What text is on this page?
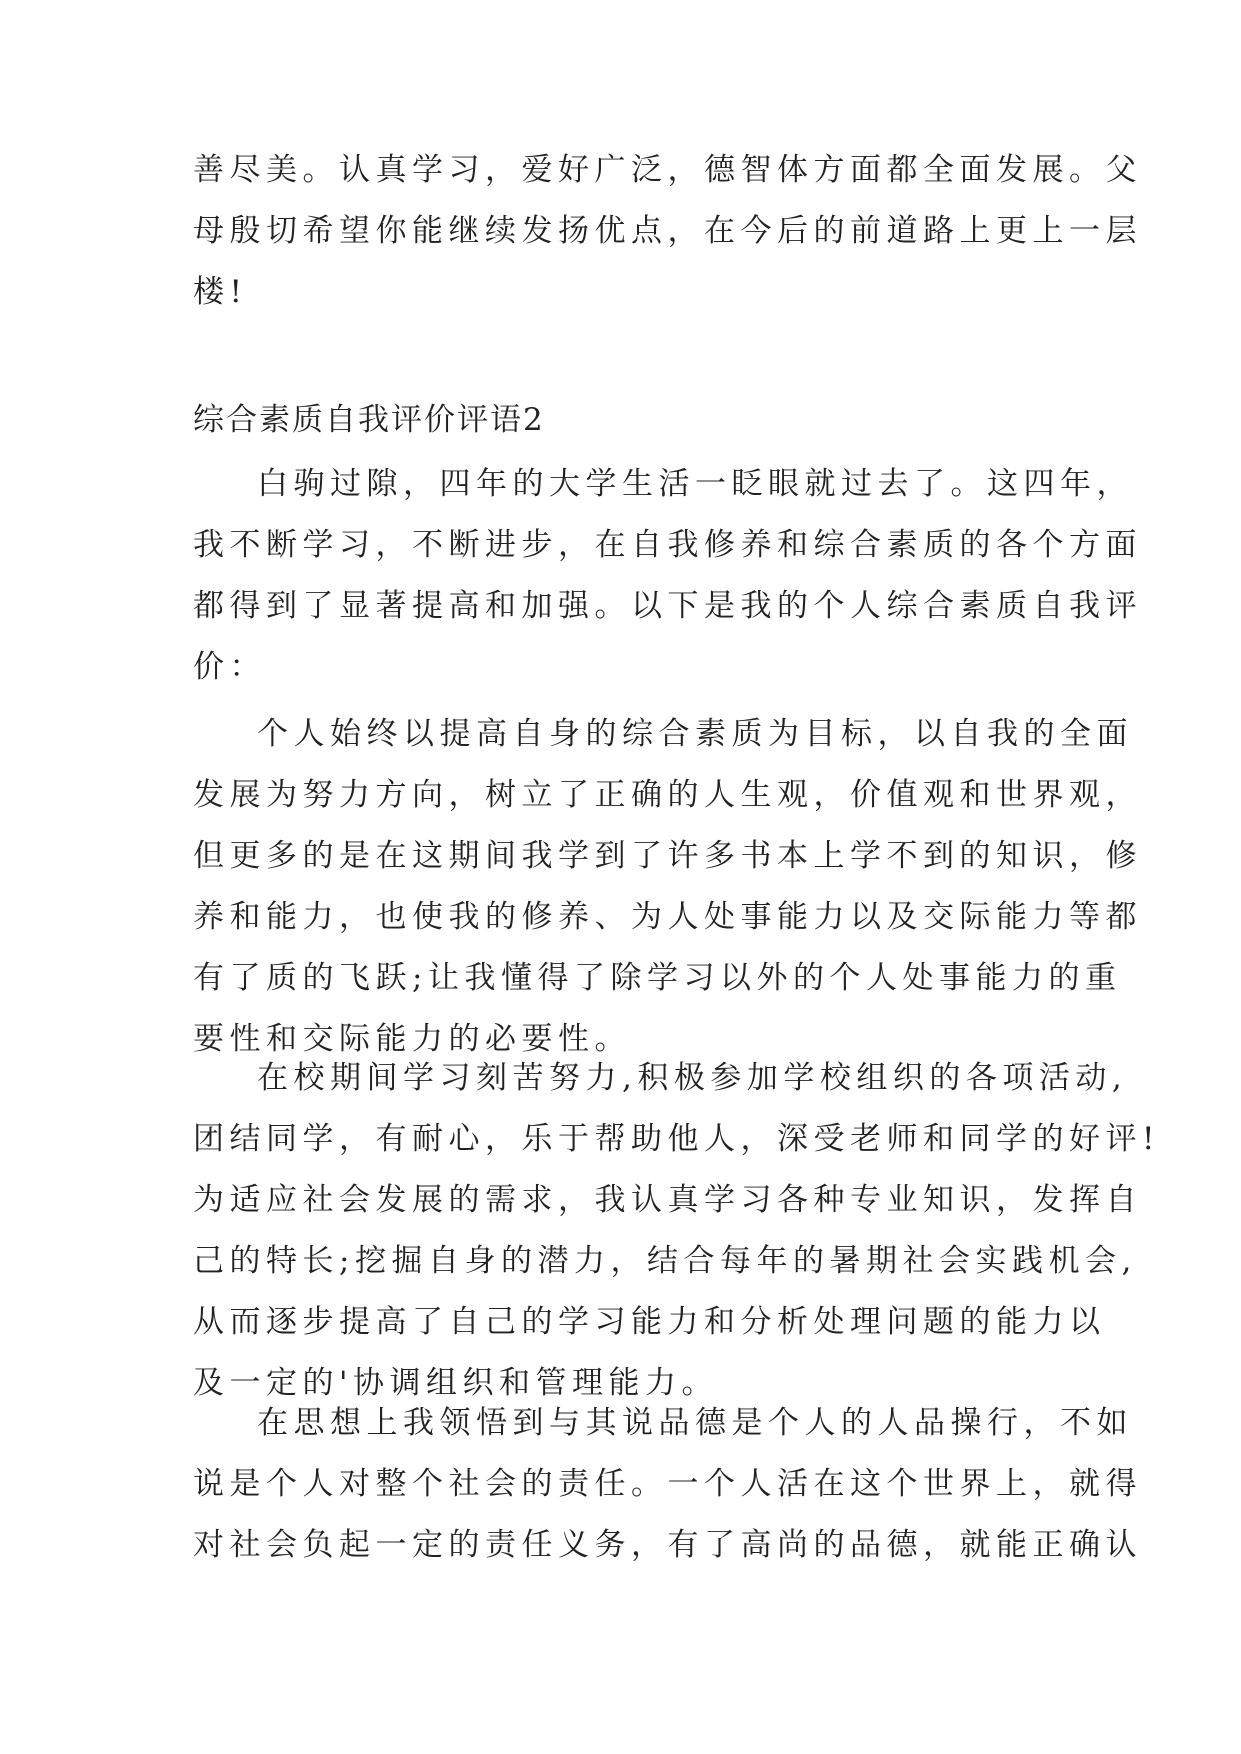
善尽美。认真学习，爱好广泛，德智体方面都全面发展。父
母殷切希望你能继续发扬优点，在今后的前道路上更上一层
楼!
综合素质自我评价评语2
白驹过隙，四年的大学生活一眨眼就过去了。这四年，
我不断学习，不断进步，在自我修养和综合素质的各个方面
都得到了显著提高和加强。以下是我的个人综合素质自我评
价：
个人始终以提高自身的综合素质为目标，以自我的全面
发展为努力方向，树立了正确的人生观，价值观和世界观，
但更多的是在这期间我学到了许多书本上学不到的知识，修
养和能力，也使我的修养、为人处事能力以及交际能力等都
有了质的飞跃;让我懂得了除学习以外的个人处事能力的重
要性和交际能力的必要性。
在校期间学习刻苦努力,积极参加学校组织的各项活动,
团结同学，有耐心，乐于帮助他人，深受老师和同学的好评!
为适应社会发展的需求，我认真学习各种专业知识，发挥自
己的特长;挖掘自身的潜力，结合每年的暑期社会实践机会,
从而逐步提高了自己的学习能力和分析处理问题的能力以
及一定的'协调组织和管理能力。
在思想上我领悟到与其说品德是个人的人品操行，不如
说是个人对整个社会的责任。一个人活在这个世界上，就得
对社会负起一定的责任义务，有了高尚的品德，就能正确认
